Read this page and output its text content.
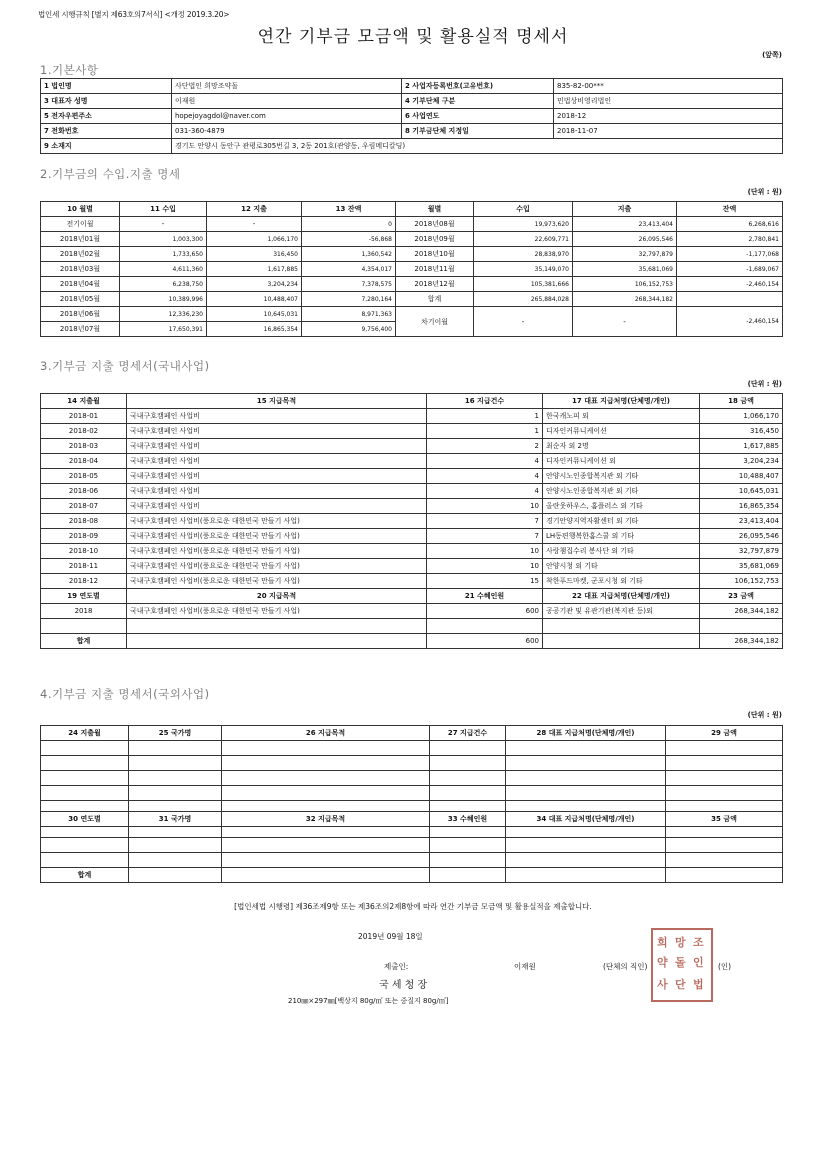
법인세 시행규칙 [별지 제63호의7서식] <개정 2019.3.20>
연간 기부금 모금액 및 활용실적 명세서
(앞쪽)
1.기본사항
1 법인명	사단법인 희망조약돌	2 사업자등록번호(고유번호)	835-82-00***
3 대표자 성명	이재원	4 기부단체 구분	민법상비영리법인
5 전자우편주소	hopejoyagdol@naver.com	6 사업연도	2018-12
7 전화번호	031-360-4879	8 기부금단체 지정일	2018-11-07
9 소재지	경기도 안양시 동안구 관평로305번길 3, 2동 201호(관양동, 우림메디칼딩)		
2.기부금의 수입.지출 명세
(단위 : 원)
10 월별	11 수입	12 지출	13 잔액	월별	수입	지출	잔액
전기이월	-	-	0	2018년08월	19,973,620	23,413,404	6,268,616
2018년01월	1,003,300	1,066,170	-56,868	2018년09월	22,609,771	26,095,546	2,780,841
2018년02월	1,733,650	316,450	1,360,542	2018년10월	28,838,970	32,797,879	-1,177,068
2018년03월	4,611,360	1,617,885	4,354,017	2018년11월	35,149,070	35,681,069	-1,689,067
2018년04월	6,238,750	3,204,234	7,378,575	2018년12월	105,381,666	106,152,753	-2,460,154
2018년05월	10,389,996	10,488,407	7,280,164	합계	265,884,028	268,344,182	
2018년06월	12,336,230	10,645,031	8,971,363	차기이월	-	-	-2,460,154
2018년07월	17,650,391	16,865,354	9,756,400				
3.기부금 지출 명세서(국내사업)
(단위 : 원)
14 지출월	15 지급목적	16 지급건수	17 대표 지급처명(단체명/개인)	18 금액
2018-01	국내구호캠페인 사업비	1	한국캐노피 외	1,066,170
2018-02	국내구호캠페인 사업비	1	디자인커뮤니케이션	316,450
2018-03	국내구호캠페인 사업비	2	최순자 외 2명	1,617,885
2018-04	국내구호캠페인 사업비	4	디자인커뮤니케이션 외	3,204,234
2018-05	국내구호캠페인 사업비	4	안양시노인종합복지관 외 기타	10,488,407
2018-06	국내구호캠페인 사업비	4	안양시노인종합복지관 외 기타	10,645,031
2018-07	국내구호캠페인 사업비	10	올란웃하우스, 홈플러스 외 기타	16,865,354
2018-08	국내구호캠페인 사업비(풍요로운 대한민국 만들기 사업)	7	경기안양지역자활센터 외 기타	23,413,404
2018-09	국내구호캠페인 사업비(풍요로운 대한민국 만들기 사업)	7	LH동편행복한홈스쿨 외 기타	26,095,546
2018-10	국내구호캠페인 사업비(풍요로운 대한민국 만들기 사업)	10	사랑챔집수리 봉사단 외 기타	32,797,879
2018-11	국내구호캠페인 사업비(풍요로운 대한민국 만들기 사업)	10	안양시청 외 기타	35,681,069
2018-12	국내구호캠페인 사업비(풍요로운 대한민국 만들기 사업)	15	착한푸드마켓, 군포시청 외 기타	106,152,753
19 연도별	20 지급목적	21 수혜인원	22 대표 지급처명(단체명/개인)	23 금액
2018	국내구호캠페인 사업비(풍요로운 대한민국 만들기 사업)	600	공공기관 및 유관기관(복지관 등)외	268,344,182

합계		600		268,344,182
4.기부금 지출 명세서(국외사업)
(단위 : 원)
24 지출월	25 국가명	26 지급목적	27 지급건수	28 대표 지급처명(단체명/개인)	29 금액

30 연도별	31 국가명	32 지급목적	33 수혜인원	34 대표 지급처명(단체명/개인)	35 금액

합계					
[법인세법 시행령] 제36조제9항 또는 제36조의2제8항에 따라 연간 기부금 모금액 및 활용실적을 제출합니다.
2019년 09월 18일
제출인:	이재원	(단체의 직인)	(인)
국 세 청 장
210㎜×297㎜[백상지 80g/㎡ 또는 중질지 80g/㎡]
희 망 조
약 돌 인
사 단 법
